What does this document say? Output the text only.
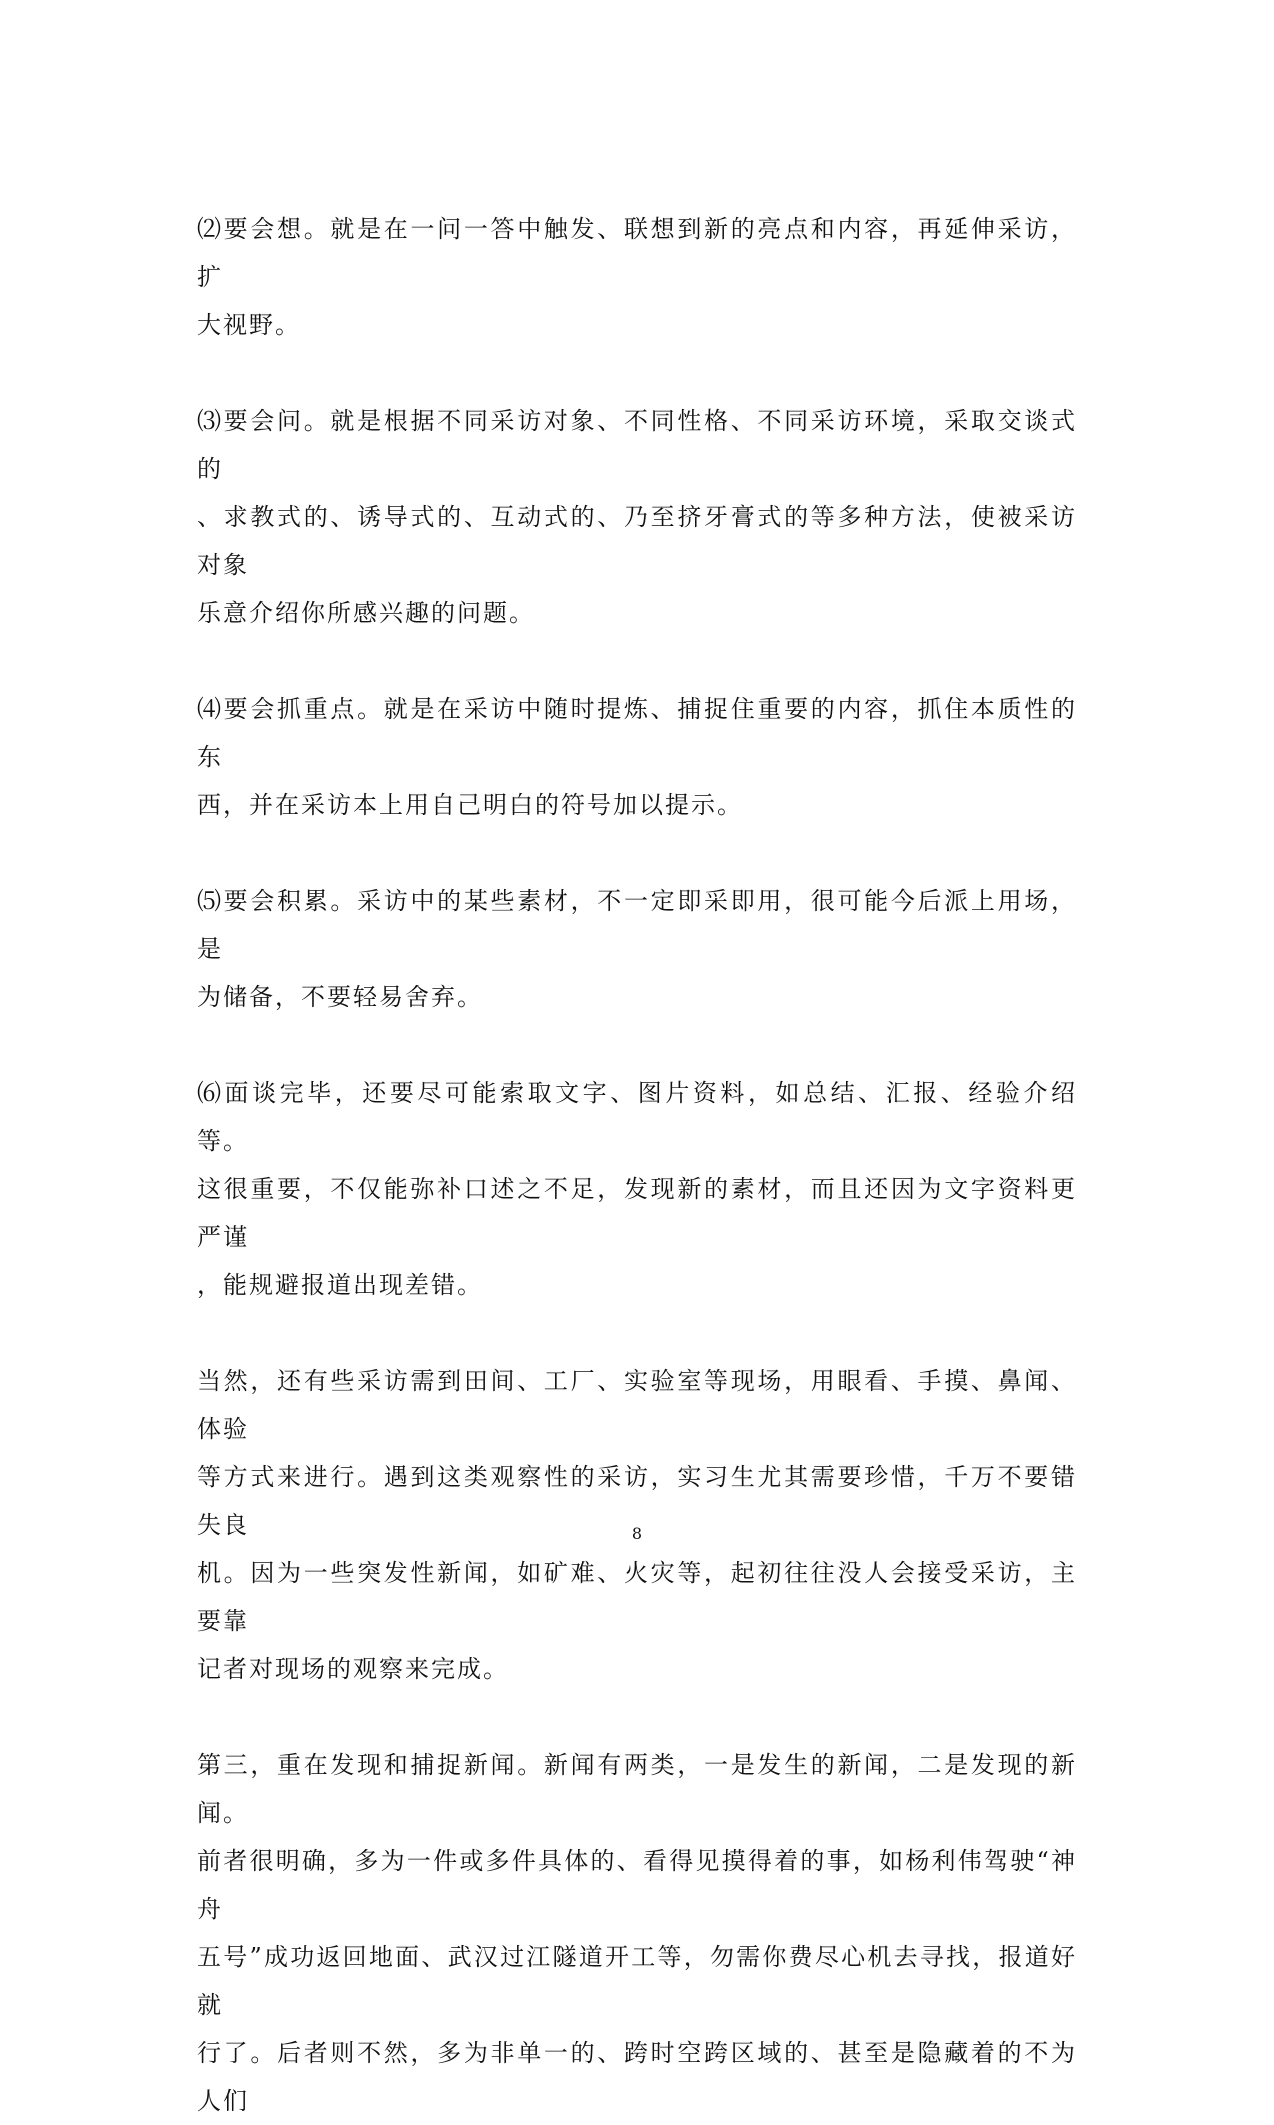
⑵要会想。就是在一问一答中触发、联想到新的亮点和内容，再延伸采访，扩
大视野。

⑶要会问。就是根据不同采访对象、不同性格、不同采访环境，采取交谈式的
、求教式的、诱导式的、互动式的、乃至挤牙膏式的等多种方法，使被采访对象
乐意介绍你所感兴趣的问题。

⑷要会抓重点。就是在采访中随时提炼、捕捉住重要的内容，抓住本质性的东
西，并在采访本上用自己明白的符号加以提示。

⑸要会积累。采访中的某些素材，不一定即采即用，很可能今后派上用场，是
为储备，不要轻易舍弃。

⑹面谈完毕，还要尽可能索取文字、图片资料，如总结、汇报、经验介绍等。
这很重要，不仅能弥补口述之不足，发现新的素材，而且还因为文字资料更严谨
，能规避报道出现差错。

当然，还有些采访需到田间、工厂、实验室等现场，用眼看、手摸、鼻闻、体验
等方式来进行。遇到这类观察性的采访，实习生尤其需要珍惜，千万不要错失良
机。因为一些突发性新闻，如矿难、火灾等，起初往往没人会接受采访，主要靠
记者对现场的观察来完成。

第三，重在发现和捕捉新闻。新闻有两类，一是发生的新闻，二是发现的新闻。
前者很明确，多为一件或多件具体的、看得见摸得着的事，如杨利伟驾驶“神舟
五号”成功返回地面、武汉过江隧道开工等，勿需你费尽心机去寻找，报道好就
行了。后者则不然，多为非单一的、跨时空跨区域的、甚至是隐藏着的不为人们

8
